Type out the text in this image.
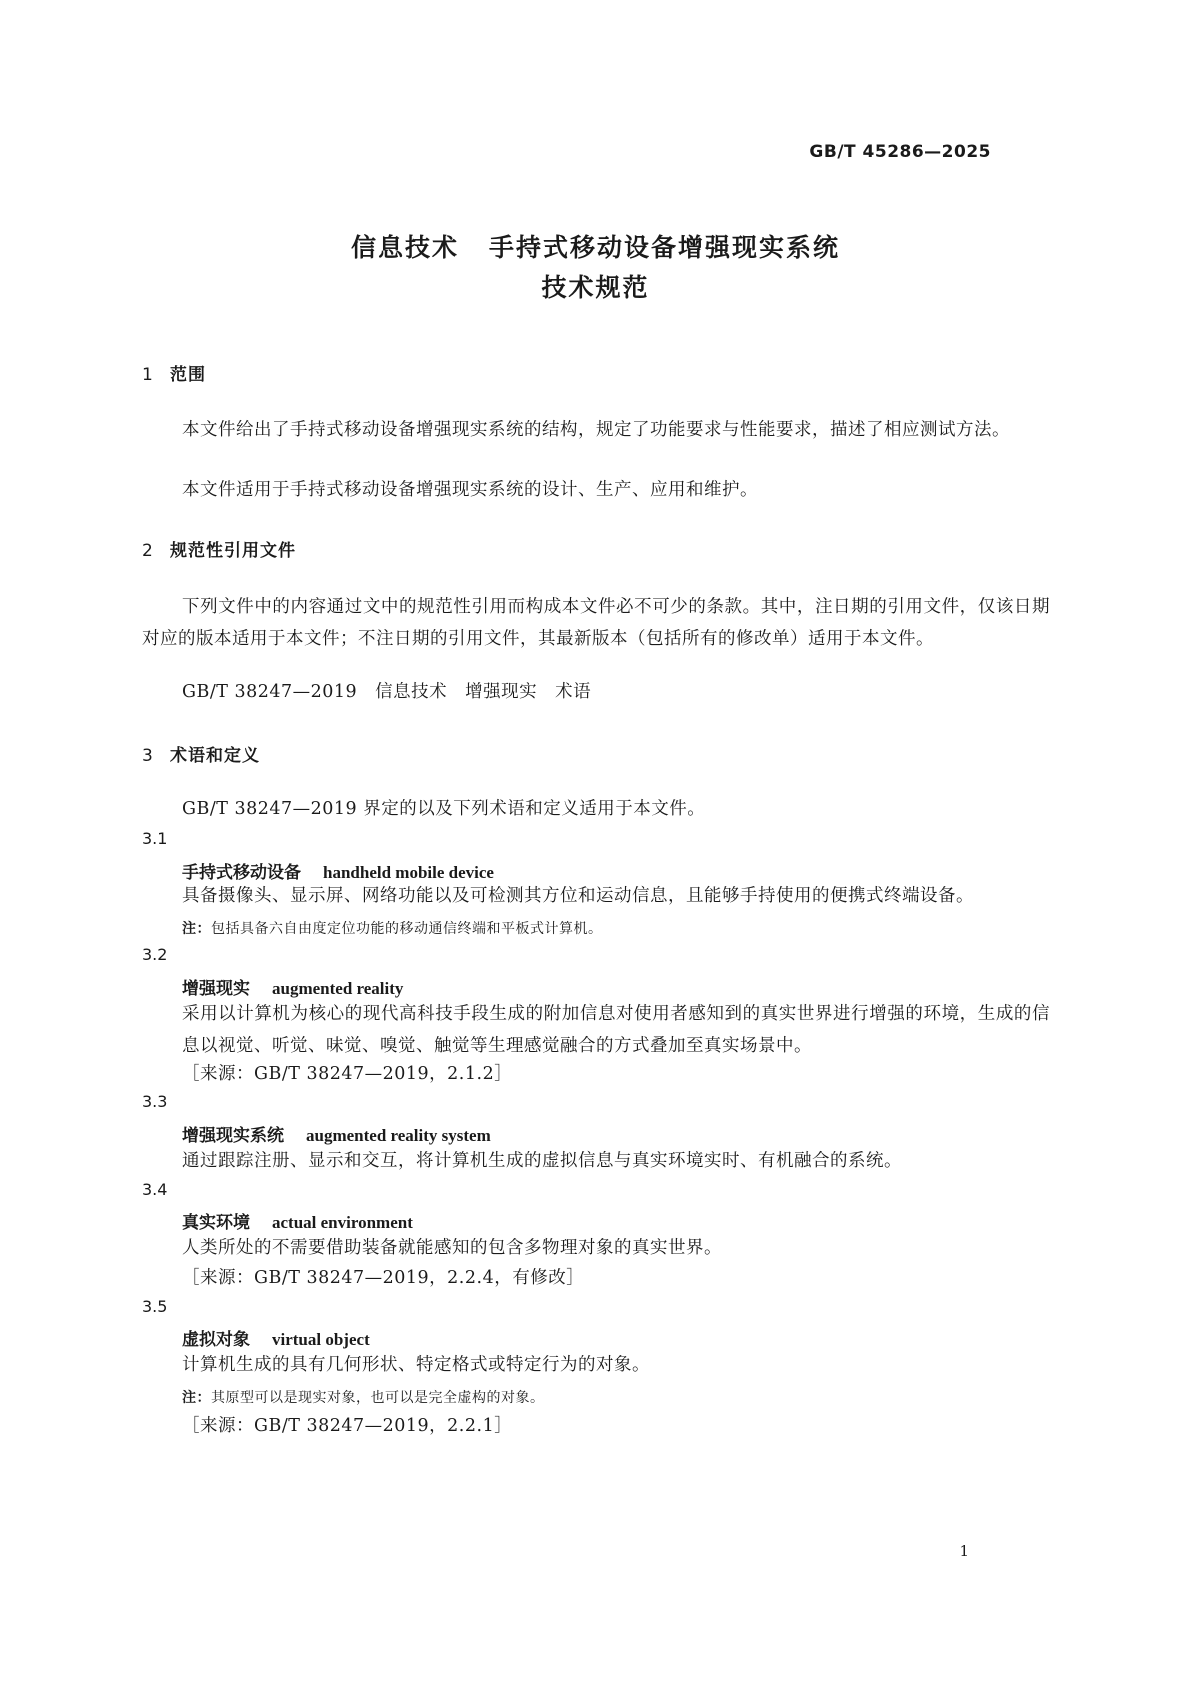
GB/T 45286—2025
信息技术 手持式移动设备增强现实系统
技术规范
1 范围
本文件给出了手持式移动设备增强现实系统的结构，规定了功能要求与性能要求，描述了相应测试方法。
本文件适用于手持式移动设备增强现实系统的设计、生产、应用和维护。
2 规范性引用文件
下列文件中的内容通过文中的规范性引用而构成本文件必不可少的条款。其中，注日期的引用文件，仅该日期对应的版本适用于本文件；不注日期的引用文件，其最新版本（包括所有的修改单）适用于本文件。
GB/T 38247—2019　信息技术　增强现实　术语
3 术语和定义
GB/T 38247—2019 界定的以及下列术语和定义适用于本文件。
3.1
手持式移动设备 handheld mobile device
具备摄像头、显示屏、网络功能以及可检测其方位和运动信息，且能够手持使用的便携式终端设备。
注：包括具备六自由度定位功能的移动通信终端和平板式计算机。
3.2
增强现实 augmented reality
采用以计算机为核心的现代高科技手段生成的附加信息对使用者感知到的真实世界进行增强的环境，生成的信息以视觉、听觉、味觉、嗅觉、触觉等生理感觉融合的方式叠加至真实场景中。
［来源：GB/T 38247—2019，2.1.2］
3.3
增强现实系统 augmented reality system
通过跟踪注册、显示和交互，将计算机生成的虚拟信息与真实环境实时、有机融合的系统。
3.4
真实环境 actual environment
人类所处的不需要借助装备就能感知的包含多物理对象的真实世界。
［来源：GB/T 38247—2019，2.2.4，有修改］
3.5
虚拟对象 virtual object
计算机生成的具有几何形状、特定格式或特定行为的对象。
注：其原型可以是现实对象，也可以是完全虚构的对象。
［来源：GB/T 38247—2019，2.2.1］
1
